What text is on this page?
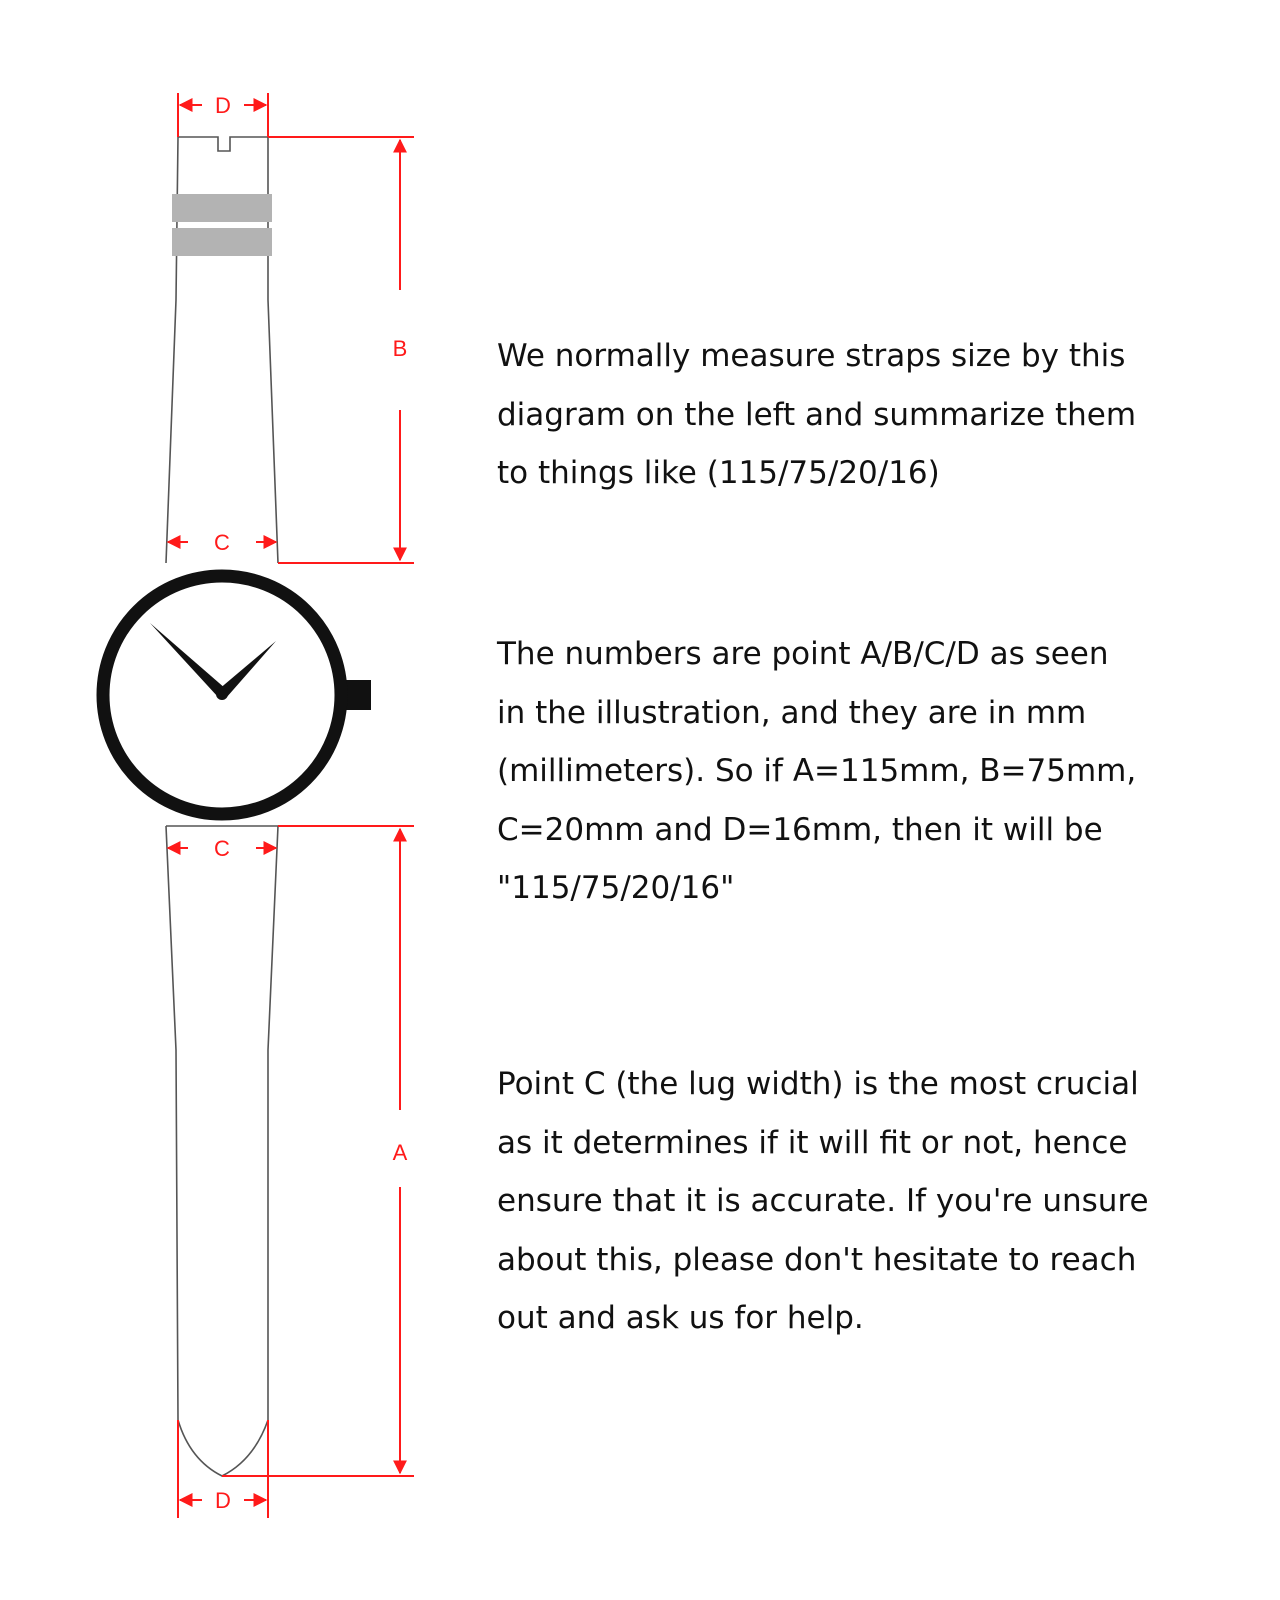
D
B
C
C
A
D

We normally measure straps size by this
diagram on the left and summarize them
to things like (115/75/20/16)

The numbers are point A/B/C/D as seen
in the illustration, and they are in mm
(millimeters). So if A=115mm, B=75mm,
C=20mm and D=16mm, then it will be
"115/75/20/16"

Point C (the lug width) is the most crucial
as it determines if it will fit or not, hence
ensure that it is accurate. If you're unsure
about this, please don't hesitate to reach
out and ask us for help.
